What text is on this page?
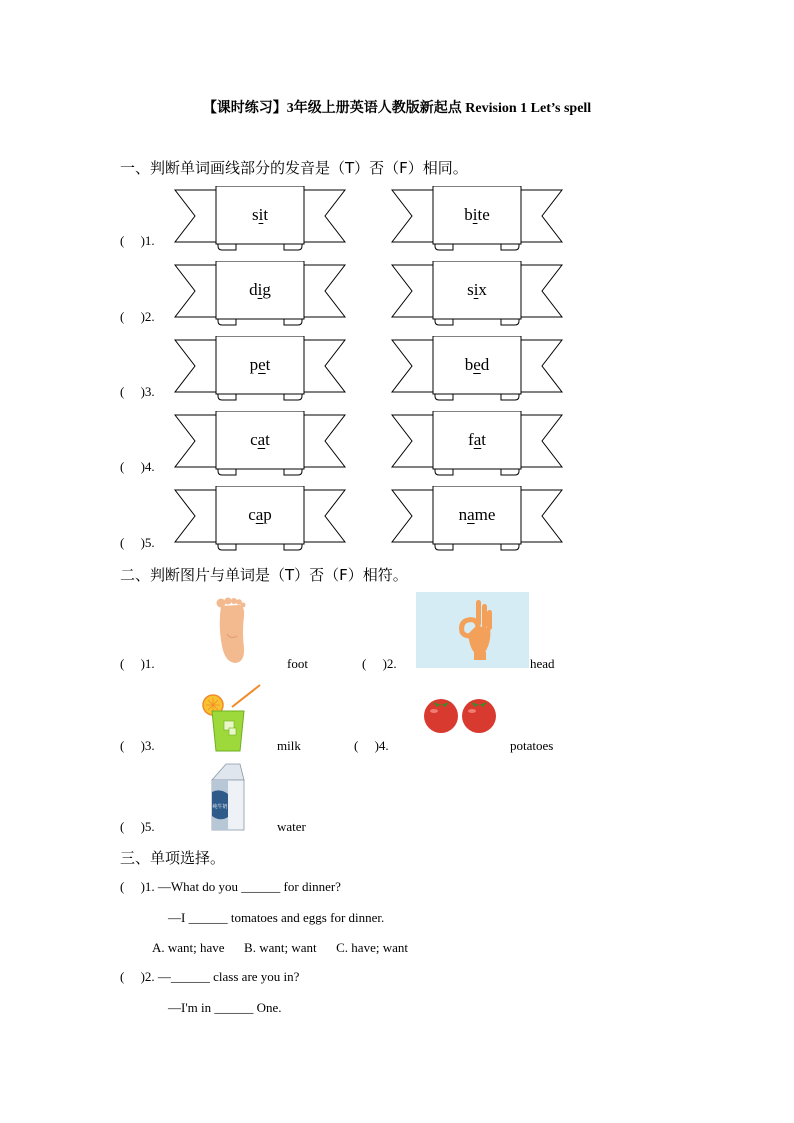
【课时练习】3年级上册英语人教版新起点 Revision 1 Let’s spell
一、判断单词画线部分的发音是（T）否（F）相同。
(     )1.
sit	bite
(     )2.
dig	six
(     )3.
pet	bed
(     )4.
cat	fat
(     )5.
cap	name
二、判断图片与单词是（T）否（F）相符。
(     )1.	foot	(     )2.	head
(     )3.	milk	(     )4.	potatoes
(     )5.
纯牛奶
water
三、单项选择。
(     )1. —What do you ______ for dinner?
—I ______ tomatoes and eggs for dinner.
A. want; have      B. want; want      C. have; want
(     )2. —______ class are you in?
—I'm in ______ One.
